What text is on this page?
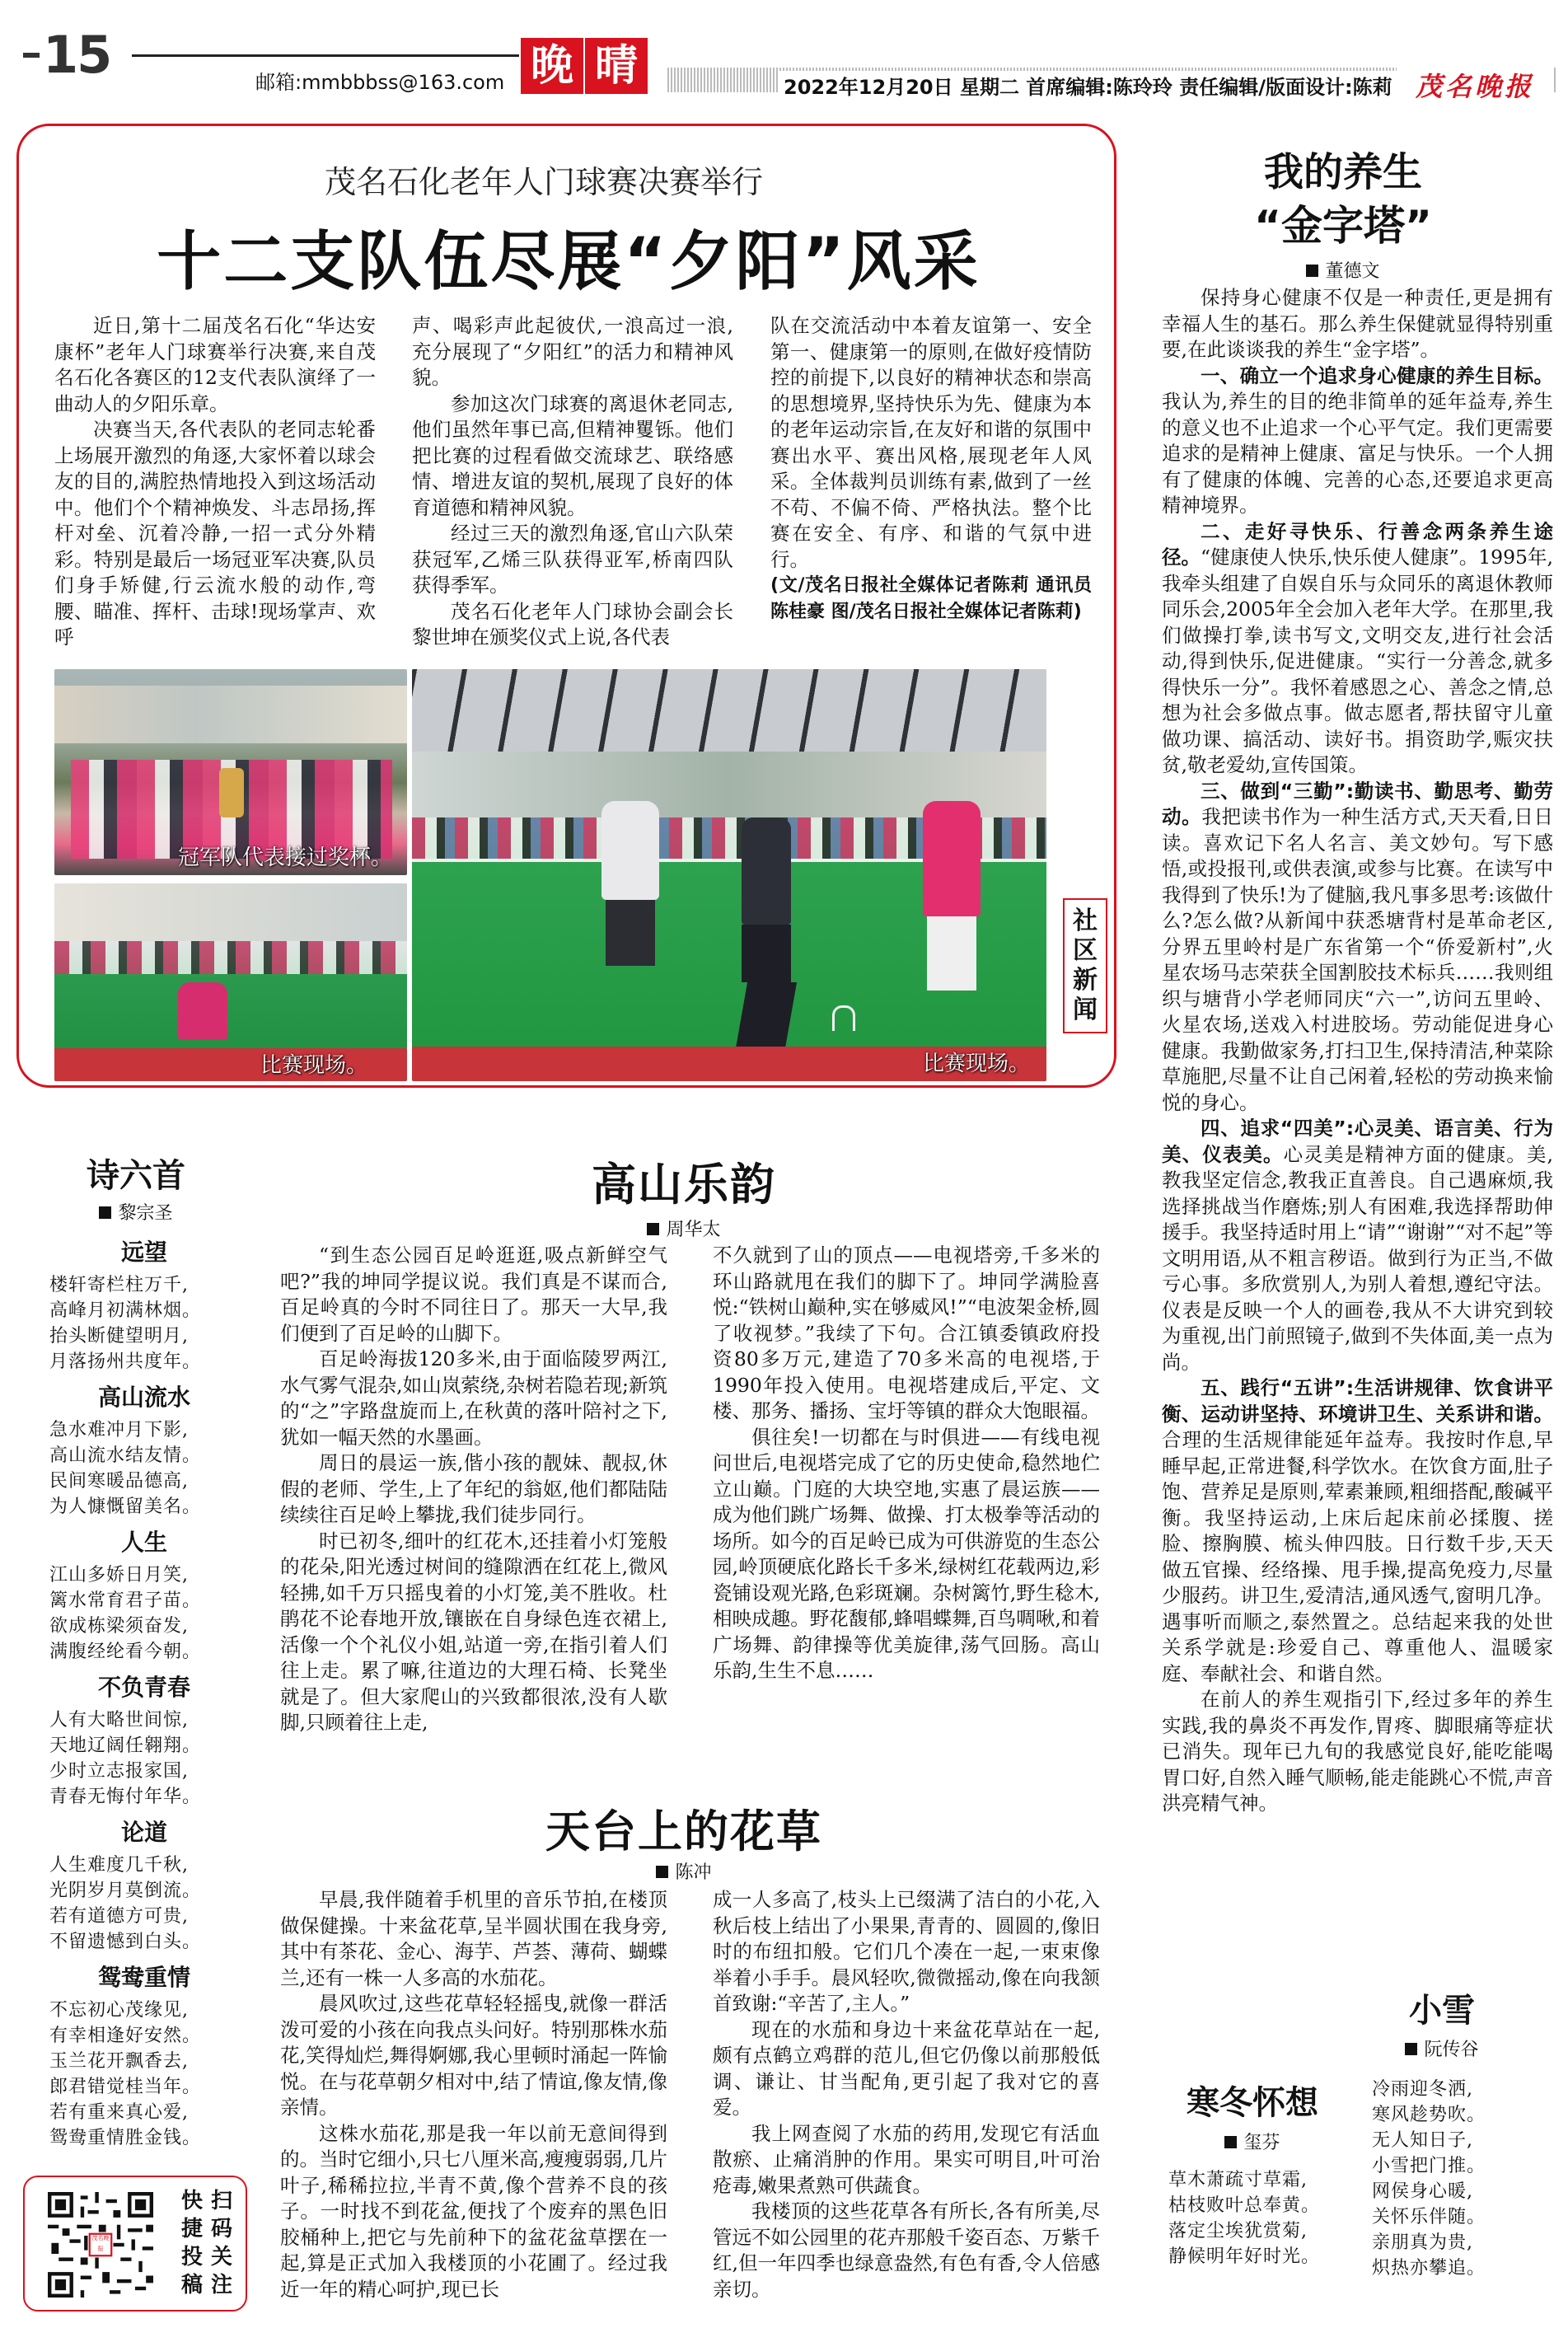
15	邮箱:mmbbbss@163.com 晚 晴	2022年12月20日 星期二 首席编辑:陈玲玲 责任编辑/版面设计:陈莉 茂名晚报
茂名石化老年人门球赛决赛举行
十二支队伍尽展“夕阳”风采

近日,第十二届茂名石化“华达安康杯”老年人门球赛举行决赛,来自茂名石化各赛区的12支代表队演绎了一曲动人的夕阳乐章。

决赛当天,各代表队的老同志轮番上场展开激烈的角逐,大家怀着以球会友的目的,满腔热情地投入到这场活动中。他们个个精神焕发、斗志昂扬,挥杆对垒、沉着冷静,一招一式分外精彩。特别是最后一场冠亚军决赛,队员们身手矫健,行云流水般的动作,弯腰、瞄准、挥杆、击球!现场掌声、欢呼

声、喝彩声此起彼伏,一浪高过一浪,充分展现了“夕阳红”的活力和精神风貌。

参加这次门球赛的离退休老同志,他们虽然年事已高,但精神矍铄。他们把比赛的过程看做交流球艺、联络感情、增进友谊的契机,展现了良好的体育道德和精神风貌。

经过三天的激烈角逐,官山六队荣获冠军,乙烯三队获得亚军,桥南四队获得季军。

茂名石化老年人门球协会副会长黎世坤在颁奖仪式上说,各代表

队在交流活动中本着友谊第一、安全第一、健康第一的原则,在做好疫情防控的前提下,以良好的精神状态和崇高的思想境界,坚持快乐为先、健康为本的老年运动宗旨,在友好和谐的氛围中赛出水平、赛出风格,展现老年人风采。全体裁判员训练有素,做到了一丝不苟、不偏不倚、严格执法。整个比赛在安全、有序、和谐的气氛中进行。

(文/茂名日报社全媒体记者陈莉 通讯员陈桂豪 图/茂名日报社全媒体记者陈莉)

冠军队代表接过奖杯。
比赛现场。	比赛现场。
社区新闻
我的养生
“金字塔”
董德文

保持身心健康不仅是一种责任,更是拥有幸福人生的基石。那么养生保健就显得特别重要,在此谈谈我的养生“金字塔”。

一、确立一个追求身心健康的养生目标。我认为,养生的目的绝非简单的延年益寿,养生的意义也不止追求一个心平气定。我们更需要追求的是精神上健康、富足与快乐。一个人拥有了健康的体魄、完善的心态,还要追求更高精神境界。

二、走好寻快乐、行善念两条养生途径。“健康使人快乐,快乐使人健康”。1995年,我牵头组建了自娱自乐与众同乐的离退休教师同乐会,2005年全会加入老年大学。在那里,我们做操打拳,读书写文,文明交友,进行社会活动,得到快乐,促进健康。“实行一分善念,就多得快乐一分”。我怀着感恩之心、善念之情,总想为社会多做点事。做志愿者,帮扶留守儿童做功课、搞活动、读好书。捐资助学,赈灾扶贫,敬老爱幼,宣传国策。

三、做到“三勤”:勤读书、勤思考、勤劳动。我把读书作为一种生活方式,天天看,日日读。喜欢记下名人名言、美文妙句。写下感悟,或投报刊,或供表演,或参与比赛。在读写中我得到了快乐!为了健脑,我凡事多思考:该做什么?怎么做?从新闻中获悉塘背村是革命老区,分界五里岭村是广东省第一个“侨爱新村”,火星农场马志荣获全国割胶技术标兵……我则组织与塘背小学老师同庆“六一”,访问五里岭、火星农场,送戏入村进胶场。劳动能促进身心健康。我勤做家务,打扫卫生,保持清洁,种菜除草施肥,尽量不让自己闲着,轻松的劳动换来愉悦的身心。

四、追求“四美”:心灵美、语言美、行为美、仪表美。心灵美是精神方面的健康。美,教我坚定信念,教我正直善良。自己遇麻烦,我选择挑战当作磨炼;别人有困难,我选择帮助伸援手。我坚持适时用上“请”“谢谢”“对不起”等文明用语,从不粗言秽语。做到行为正当,不做亏心事。多欣赏别人,为别人着想,遵纪守法。仪表是反映一个人的画卷,我从不大讲究到较为重视,出门前照镜子,做到不失体面,美一点为尚。

五、践行“五讲”:生活讲规律、饮食讲平衡、运动讲坚持、环境讲卫生、关系讲和谐。合理的生活规律能延年益寿。我按时作息,早睡早起,正常进餐,科学饮水。在饮食方面,肚子饱、营养足是原则,荤素兼顾,粗细搭配,酸碱平衡。我坚持运动,上床后起床前必揉腹、搓脸、擦胸膜、梳头伸四肢。日行数千步,天天做五官操、经络操、甩手操,提高免疫力,尽量少服药。讲卫生,爱清洁,通风透气,窗明几净。遇事听而顺之,泰然置之。总结起来我的处世关系学就是:珍爱自己、尊重他人、温暖家庭、奉献社会、和谐自然。

在前人的养生观指引下,经过多年的养生实践,我的鼻炎不再发作,胃疼、脚眼痛等症状已消失。现年已九旬的我感觉良好,能吃能喝胃口好,自然入睡气顺畅,能走能跳心不慌,声音洪亮精气神。

小雪
阮传谷
冷雨迎冬洒,
寒风趁势吹。
无人知日子,
小雪把门推。
网侯身心暖,
关怀乐伴随。
亲朋真为贵,
炽热亦攀追。
寒冬怀想
玺芬
草木萧疏寸草霜,
枯枝败叶总奉黄。
落定尘埃犹赏菊,
静候明年好时光。
诗六首
黎宗圣
远望
楼轩寄栏柱万千,
高峰月初满林烟。
抬头断健望明月,
月落扬州共度年。
高山流水
急水难冲月下影,
高山流水结友情。
民间寒暖品德高,
为人慷慨留美名。
人生
江山多娇日月笑,
篱水常育君子苗。
欲成栋梁须奋发,
满腹经纶看今朝。
不负青春
人有大略世间惊,
天地辽阔任翱翔。
少时立志报家国,
青春无悔付年华。
论道
人生难度几千秋,
光阴岁月莫倒流。
若有道德方可贵,
不留遗憾到白头。
鸳鸯重情
不忘初心茂缘见,
有幸相逢好安然。
玉兰花开飘香去,
郎君错觉桂当年。
若有重来真心爱,
鸳鸯重情胜金钱。
茂名晚报
快捷投稿
扫码关注
高山乐韵
周华太

“到生态公园百足岭逛逛,吸点新鲜空气吧?”我的坤同学提议说。我们真是不谋而合,百足岭真的今时不同往日了。那天一大早,我们便到了百足岭的山脚下。

百足岭海拔120多米,由于面临陵罗两江,水气雾气混杂,如山岚萦绕,杂树若隐若现;新筑的“之”字路盘旋而上,在秋黄的落叶陪衬之下,犹如一幅天然的水墨画。

周日的晨运一族,偕小孩的靓妹、靓叔,休假的老师、学生,上了年纪的翁妪,他们都陆陆续续往百足岭上攀拢,我们徒步同行。

时已初冬,细叶的红花木,还挂着小灯笼般的花朵,阳光透过树间的缝隙洒在红花上,微风轻拂,如千万只摇曳着的小灯笼,美不胜收。杜鹃花不论春地开放,镶嵌在自身绿色连衣裙上,活像一个个礼仪小姐,站道一旁,在指引着人们往上走。累了嘛,往道边的大理石椅、长凳坐就是了。但大家爬山的兴致都很浓,没有人歇脚,只顾着往上走,

不久就到了山的顶点——电视塔旁,千多米的环山路就甩在我们的脚下了。坤同学满脸喜悦:“铁树山巅种,实在够威风!”“电波架金桥,圆了收视梦。”我续了下句。合江镇委镇政府投资80多万元,建造了70多米高的电视塔,于1990年投入使用。电视塔建成后,平定、文楼、那务、播扬、宝圩等镇的群众大饱眼福。

俱往矣!一切都在与时俱进——有线电视问世后,电视塔完成了它的历史使命,稳然地伫立山巅。门庭的大块空地,实惠了晨运族——成为他们跳广场舞、做操、打太极拳等活动的场所。如今的百足岭已成为可供游览的生态公园,岭顶硬底化路长千多米,绿树红花载两边,彩瓷铺设观光路,色彩斑斓。杂树篱竹,野生稔木,相映成趣。野花馥郁,蜂唱蝶舞,百鸟啁啾,和着广场舞、韵律操等优美旋律,荡气回肠。高山乐韵,生生不息……

天台上的花草
陈冲

早晨,我伴随着手机里的音乐节拍,在楼顶做保健操。十来盆花草,呈半圆状围在我身旁,其中有茶花、金心、海芋、芦荟、薄荷、蝴蝶兰,还有一株一人多高的水茄花。

晨风吹过,这些花草轻轻摇曳,就像一群活泼可爱的小孩在向我点头问好。特别那株水茄花,笑得灿烂,舞得婀娜,我心里顿时涌起一阵愉悦。在与花草朝夕相对中,结了情谊,像友情,像亲情。

这株水茄花,那是我一年以前无意间得到的。当时它细小,只七八厘米高,瘦瘦弱弱,几片叶子,稀稀拉拉,半青不黄,像个营养不良的孩子。一时找不到花盆,便找了个废弃的黑色旧胶桶种上,把它与先前种下的盆花盆草摆在一起,算是正式加入我楼顶的小花圃了。经过我近一年的精心呵护,现已长

成一人多高了,枝头上已缀满了洁白的小花,入秋后枝上结出了小果果,青青的、圆圆的,像旧时的布纽扣般。它们几个凑在一起,一束束像举着小手手。晨风轻吹,微微摇动,像在向我颔首致谢:“辛苦了,主人。”

现在的水茄和身边十来盆花草站在一起,颇有点鹤立鸡群的范儿,但它仍像以前那般低调、谦让、甘当配角,更引起了我对它的喜爱。

我上网查阅了水茄的药用,发现它有活血散瘀、止痛消肿的作用。果实可明目,叶可治疮毒,嫩果煮熟可供蔬食。

我楼顶的这些花草各有所长,各有所美,尽管远不如公园里的花卉那般千姿百态、万紫千红,但一年四季也绿意盎然,有色有香,令人倍感亲切。
